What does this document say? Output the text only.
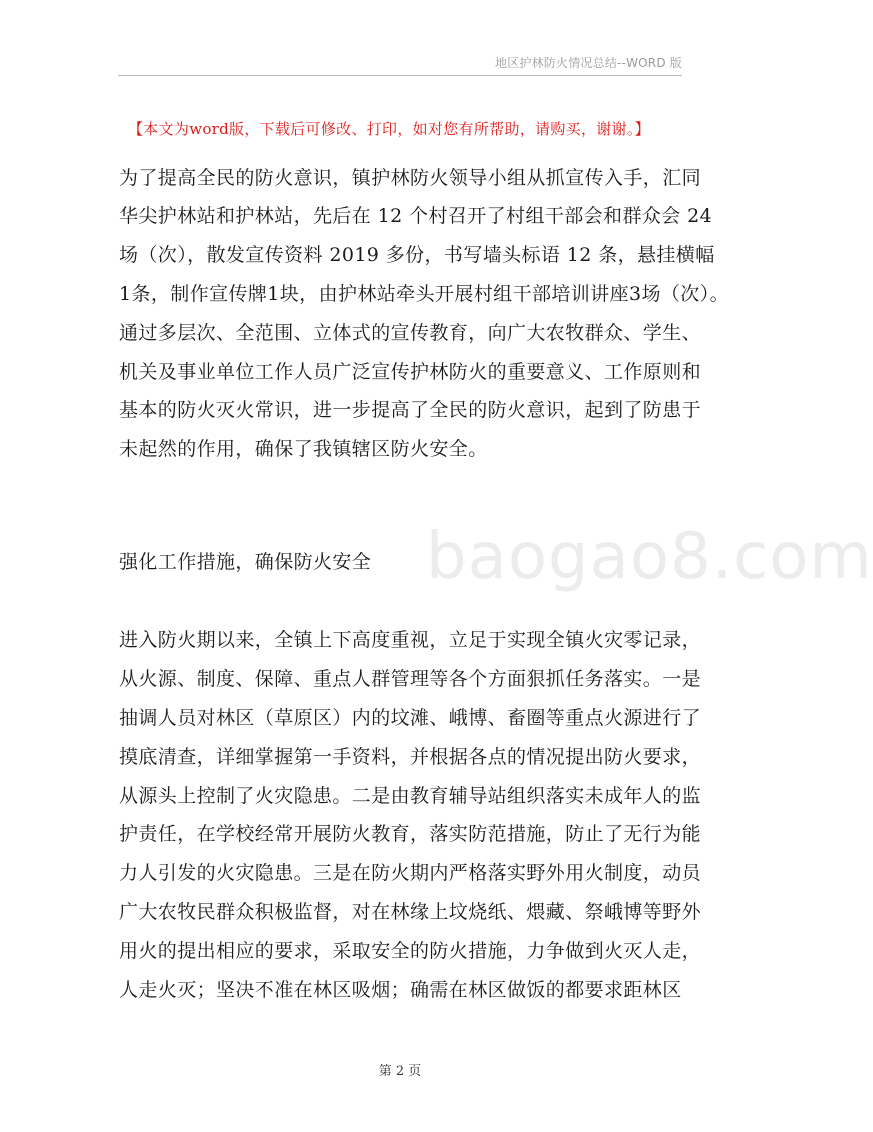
地区护林防火情况总结--WORD 版
【本文为word版，下载后可修改、打印，如对您有所帮助，请购买，谢谢。】
baogao8.com
为了提高全民的防火意识，镇护林防火领导小组从抓宣传入手，汇同
华尖护林站和护林站，先后在 12 个村召开了村组干部会和群众会 24
场（次），散发宣传资料 2019 多份，书写墙头标语 12 条，悬挂横幅
1条，制作宣传牌1块，由护林站牵头开展村组干部培训讲座3场（次）。
通过多层次、全范围、立体式的宣传教育，向广大农牧群众、学生、
机关及事业单位工作人员广泛宣传护林防火的重要意义、工作原则和
基本的防火灭火常识，进一步提高了全民的防火意识，起到了防患于
未起然的作用，确保了我镇辖区防火安全。
强化工作措施，确保防火安全
进入防火期以来，全镇上下高度重视，立足于实现全镇火灾零记录，
从火源、制度、保障、重点人群管理等各个方面狠抓任务落实。一是
抽调人员对林区（草原区）内的坟滩、峨博、畜圈等重点火源进行了
摸底清查，详细掌握第一手资料，并根据各点的情况提出防火要求，
从源头上控制了火灾隐患。二是由教育辅导站组织落实未成年人的监
护责任，在学校经常开展防火教育，落实防范措施，防止了无行为能
力人引发的火灾隐患。三是在防火期内严格落实野外用火制度，动员
广大农牧民群众积极监督，对在林缘上坟烧纸、煨藏、祭峨博等野外
用火的提出相应的要求，采取安全的防火措施，力争做到火灭人走，
人走火灭；坚决不准在林区吸烟；确需在林区做饭的都要求距林区
第 2 页
